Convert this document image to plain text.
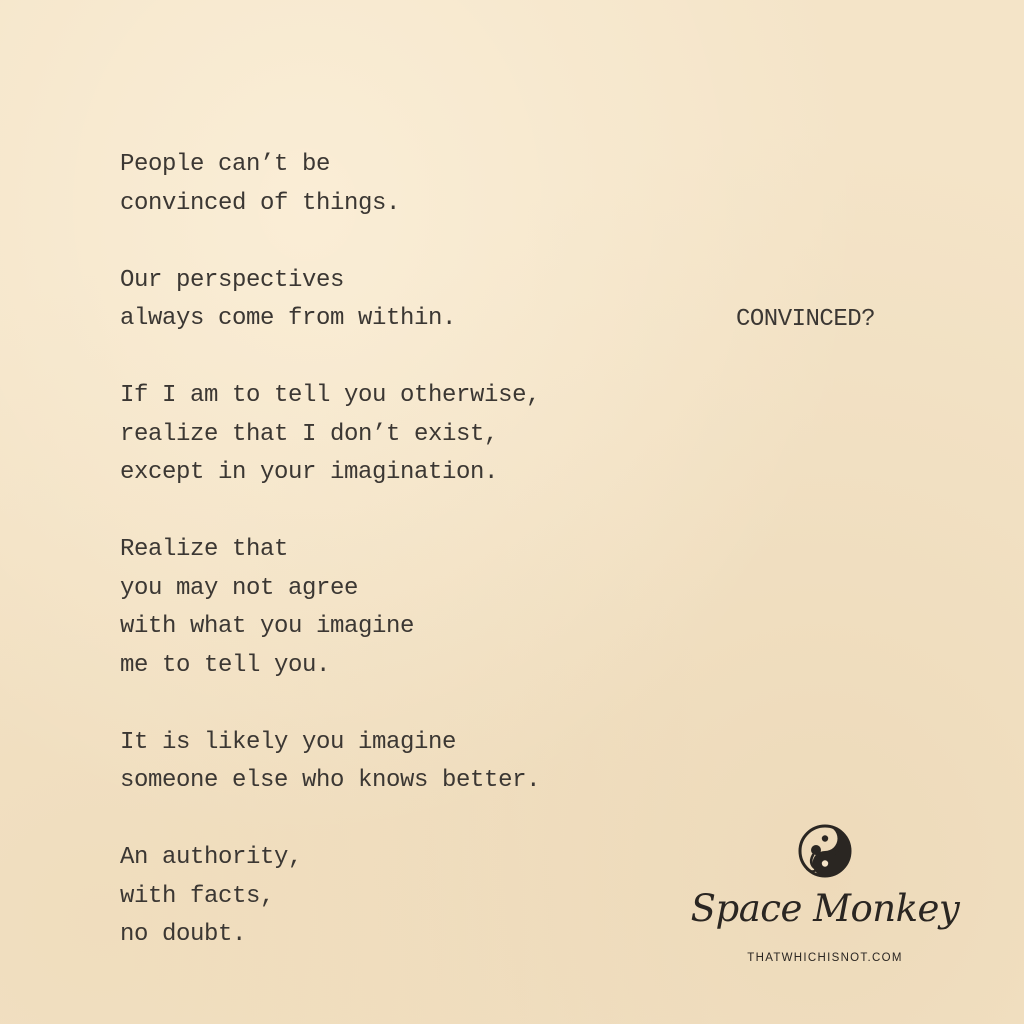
People can’t be
convinced of things.
Our perspectives
always come from within.
If I am to tell you otherwise,
realize that I don’t exist,
except in your imagination.
Realize that
you may not agree
with what you imagine
me to tell you.
It is likely you imagine
someone else who knows better.
An authority,
with facts,
no doubt.
CONVINCED?
Space Monkey
THATWHICHISNOT.COM
